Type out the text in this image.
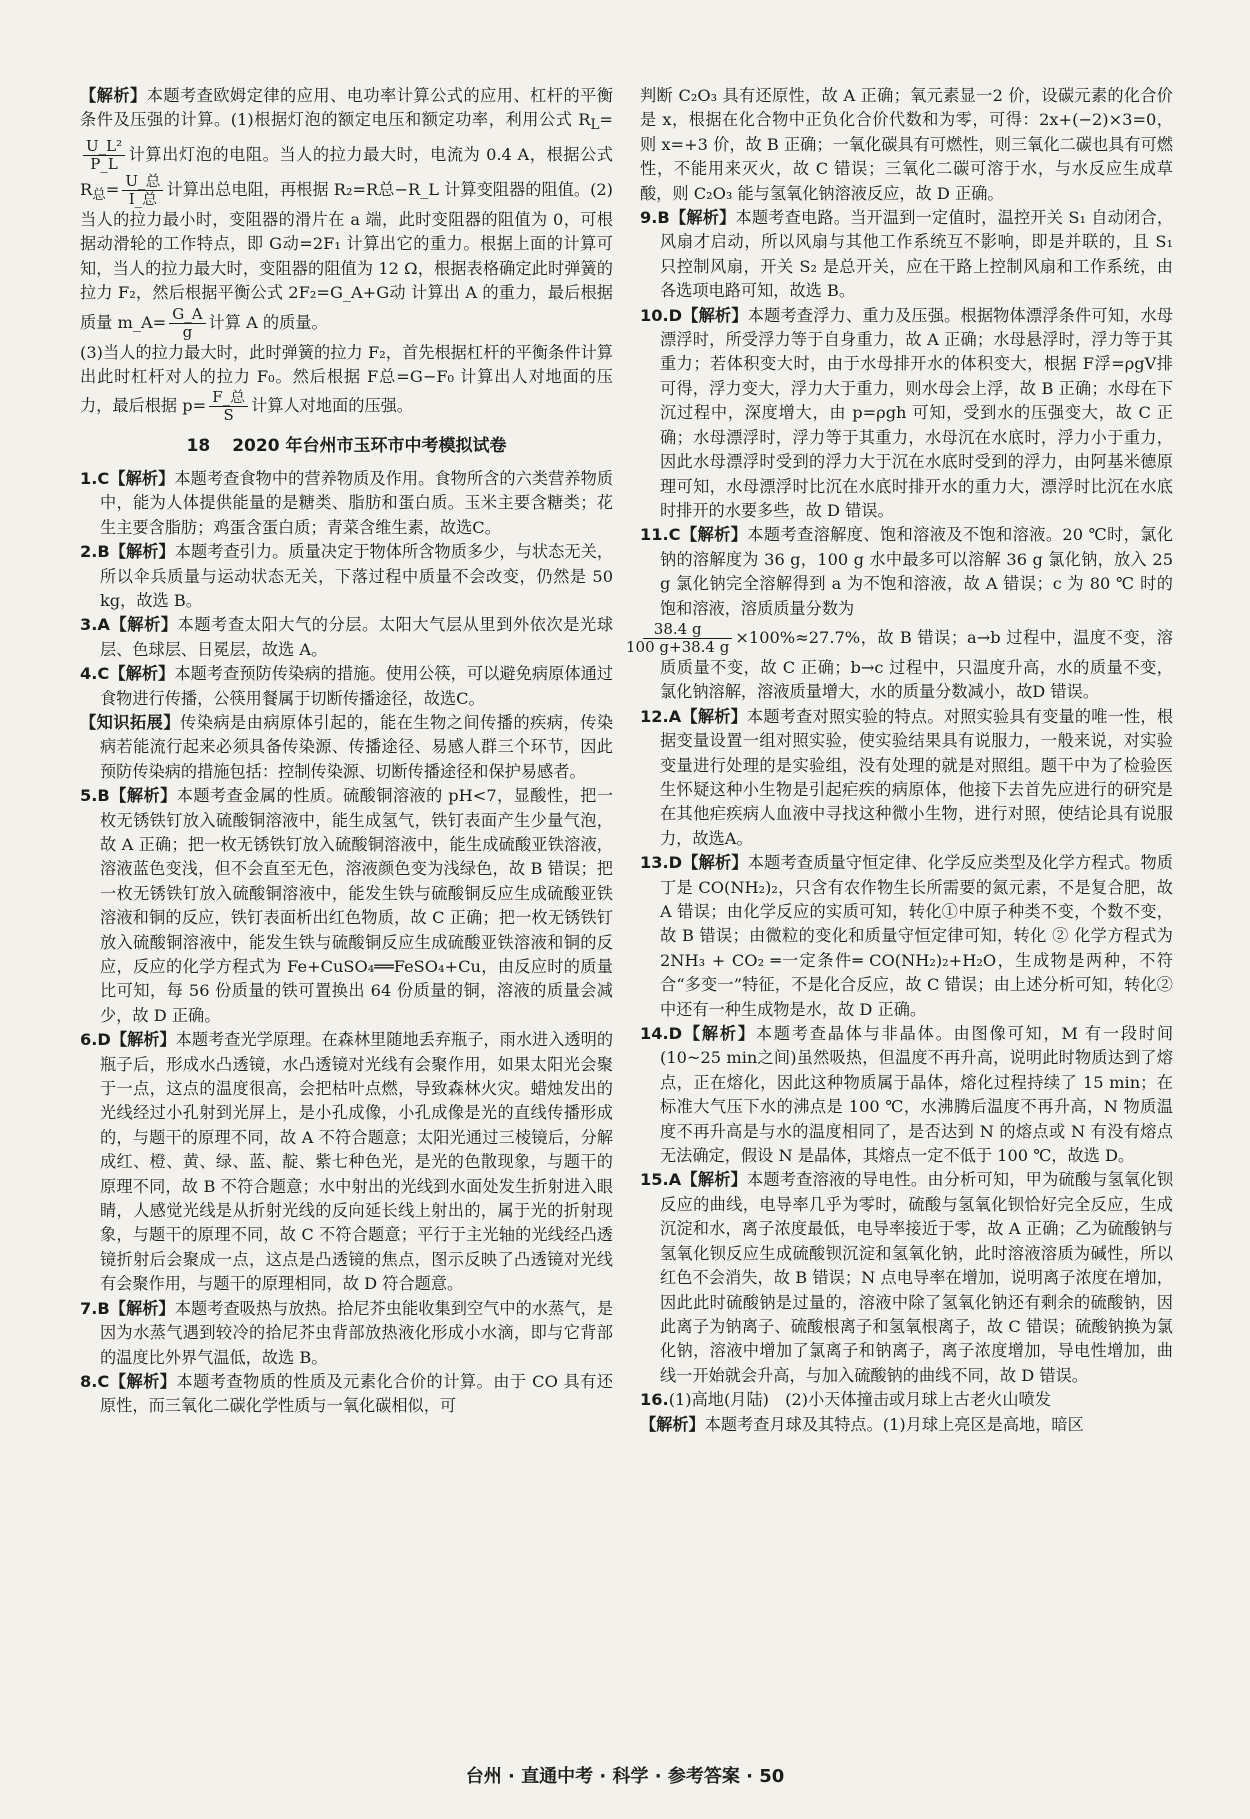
【解析】本题考查欧姆定律的应用、电功率计算公式的应用、杠杆的平衡条件及压强的计算。(1)根据灯泡的额定电压和额定功率，利用公式 $R_L=$
$\frac{\text{U\_L²}}{P\_L}$ 计算出灯泡的电阻。当人的拉力最大时，电流为 0.4 A，根据公式 $R_总= \frac{\text{U\_总}}{\text{I\_总}}$ 计算出总电阻，再根据 R₂=R总−R_L 计算变阻器的阻值。(2)当人的拉力最小时，变阻器的滑片在 a 端，此时变阻器的阻值为 0，可根据动滑轮的工作特点，即 G动=2F₁ 计算出它的重力。根据上面的计算可知，当人的拉力最大时，变阻器的阻值为 12 Ω，根据表格确定此时弹簧的拉力 F₂，然后根据平衡公式 2F₂=G_A+G动 计算出 A 的重力，最后根据质量 m_A= $\frac{G\_A}{g}$ 计算 A 的质量。

(3)当人的拉力最大时，此时弹簧的拉力 F₂，首先根据杠杆的平衡条件计算出此时杠杆对人的拉力 F₀。然后根据 F总=G−F₀ 计算出人对地面的压力，最后根据 $p= \frac{\text{F\_总}}{S}$ 计算人对地面的压强。

18 2020 年台州市玉环市中考模拟试卷

1.C【解析】本题考查食物中的营养物质及作用。食物所含的六类营养物质中，能为人体提供能量的是糖类、脂肪和蛋白质。玉米主要含糖类；花生主要含脂肪；鸡蛋含蛋白质；青菜含维生素，故选C。

2.B【解析】本题考查引力。质量决定于物体所含物质多少，与状态无关，所以伞兵质量与运动状态无关，下落过程中质量不会改变，仍然是 50 kg，故选 B。

3.A【解析】本题考查太阳大气的分层。太阳大气层从里到外依次是光球层、色球层、日冕层，故选 A。

4.C【解析】本题考查预防传染病的措施。使用公筷，可以避免病原体通过食物进行传播，公筷用餐属于切断传播途径，故选C。

【知识拓展】传染病是由病原体引起的，能在生物之间传播的疾病，传染病若能流行起来必须具备传染源、传播途径、易感人群三个环节，因此预防传染病的措施包括：控制传染源、切断传播途径和保护易感者。

5.B【解析】本题考查金属的性质。硫酸铜溶液的 pH<7，显酸性，把一枚无锈铁钉放入硫酸铜溶液中，能生成氢气，铁钉表面产生少量气泡，故 A 正确；把一枚无锈铁钉放入硫酸铜溶液中，能生成硫酸亚铁溶液，溶液蓝色变浅，但不会直至无色，溶液颜色变为浅绿色，故 B 错误；把一枚无锈铁钉放入硫酸铜溶液中，能发生铁与硫酸铜反应生成硫酸亚铁溶液和铜的反应，铁钉表面析出红色物质，故 C 正确；把一枚无锈铁钉放入硫酸铜溶液中，能发生铁与硫酸铜反应生成硫酸亚铁溶液和铜的反应，反应的化学方程式为 Fe+CuSO₄══FeSO₄+Cu，由反应时的质量比可知，每 56 份质量的铁可置换出 64 份质量的铜，溶液的质量会减少，故 D 正确。

6.D【解析】本题考查光学原理。在森林里随地丢弃瓶子，雨水进入透明的瓶子后，形成水凸透镜，水凸透镜对光线有会聚作用，如果太阳光会聚于一点，这点的温度很高，会把枯叶点燃，导致森林火灾。蜡烛发出的光线经过小孔射到光屏上，是小孔成像，小孔成像是光的直线传播形成的，与题干的原理不同，故 A 不符合题意；太阳光通过三棱镜后，分解成红、橙、黄、绿、蓝、靛、紫七种色光，是光的色散现象，与题干的原理不同，故 B 不符合题意；水中射出的光线到水面处发生折射进入眼睛，人感觉光线是从折射光线的反向延长线上射出的，属于光的折射现象，与题干的原理不同，故 C 不符合题意；平行于主光轴的光线经凸透镜折射后会聚成一点，这点是凸透镜的焦点，图示反映了凸透镜对光线有会聚作用，与题干的原理相同，故 D 符合题意。

7.B【解析】本题考查吸热与放热。拾尼芥虫能收集到空气中的水蒸气，是因为水蒸气遇到较冷的拾尼芥虫背部放热液化形成小水滴，即与它背部的温度比外界气温低，故选 B。

8.C【解析】本题考查物质的性质及元素化合价的计算。由于 CO 具有还原性，而三氧化二碳化学性质与一氧化碳相似，可

判断 C₂O₃ 具有还原性，故 A 正确；氧元素显一2 价，设碳元素的化合价是 x，根据在化合物中正负化合价代数和为零，可得：2x+(−2)×3=0，则 x=+3 价，故 B 正确；一氧化碳具有可燃性，则三氧化二碳也具有可燃性，不能用来灭火，故 C 错误；三氧化二碳可溶于水，与水反应生成草酸，则 C₂O₃ 能与氢氧化钠溶液反应，故 D 正确。

9.B【解析】本题考查电路。当开温到一定值时，温控开关 S₁ 自动闭合，风扇才启动，所以风扇与其他工作系统互不影响，即是并联的，且 S₁ 只控制风扇，开关 S₂ 是总开关，应在干路上控制风扇和工作系统，由各选项电路可知，故选 B。

10.D【解析】本题考查浮力、重力及压强。根据物体漂浮条件可知，水母漂浮时，所受浮力等于自身重力，故 A 正确；水母悬浮时，浮力等于其重力；若体积变大时，由于水母排开水的体积变大，根据 F浮=ρgV排 可得，浮力变大，浮力大于重力，则水母会上浮，故 B 正确；水母在下沉过程中，深度增大，由 p=ρgh 可知，受到水的压强变大，故 C 正确；水母漂浮时，浮力等于其重力，水母沉在水底时，浮力小于重力，因此水母漂浮时受到的浮力大于沉在水底时受到的浮力，由阿基米德原理可知，水母漂浮时比沉在水底时排开水的重力大，漂浮时比沉在水底时排开的水要多些，故 D 错误。

11.C【解析】本题考查溶解度、饱和溶液及不饱和溶液。20 ℃时，氯化钠的溶解度为 36 g，100 g 水中最多可以溶解 36 g 氯化钠，放入 25 g 氯化钠完全溶解得到 a 为不饱和溶液，故 A 错误；c 为 80 ℃ 时的饱和溶液，溶质质量分数为

$\frac{38.4 g}{100 g+38.4 g} \times 100\%\approx 27.7\%$，故 B 错误；a→b 过程中，温度不变，溶质质量不变，故 C 正确；b→c 过程中，只温度升高，水的质量不变，氯化钠溶解，溶液质量增大，水的质量分数减小，故D 错误。

12.A【解析】本题考查对照实验的特点。对照实验具有变量的唯一性，根据变量设置一组对照实验，使实验结果具有说服力，一般来说，对实验变量进行处理的是实验组，没有处理的就是对照组。题干中为了检验医生怀疑这种小生物是引起疟疾的病原体，他接下去首先应进行的研究是在其他疟疾病人血液中寻找这种微小生物，进行对照，使结论具有说服力，故选A。

13.D【解析】本题考查质量守恒定律、化学反应类型及化学方程式。物质丁是 CO(NH₂)₂，只含有农作物生长所需要的氮元素，不是复合肥，故 A 错误；由化学反应的实质可知，转化①中原子种类不变，个数不变，故 B 错误；由微粒的变化和质量守恒定律可知，转化 ② 化学方程式为 2NH₃ + CO₂ ═一定条件═ CO(NH₂)₂+H₂O，生成物是两种，不符合“多变一”特征，不是化合反应，故 C 错误；由上述分析可知，转化②中还有一种生成物是水，故 D 正确。

14.D【解析】本题考查晶体与非晶体。由图像可知，M 有一段时间(10~25 min之间)虽然吸热，但温度不再升高，说明此时物质达到了熔点，正在熔化，因此这种物质属于晶体，熔化过程持续了 15 min；在标准大气压下水的沸点是 100 ℃，水沸腾后温度不再升高，N 物质温度不再升高是与水的温度相同了，是否达到 N 的熔点或 N 有没有熔点无法确定，假设 N 是晶体，其熔点一定不低于 100 ℃，故选 D。

15.A【解析】本题考查溶液的导电性。由分析可知，甲为硫酸与氢氧化钡反应的曲线，电导率几乎为零时，硫酸与氢氧化钡恰好完全反应，生成沉淀和水，离子浓度最低，电导率接近于零，故 A 正确；乙为硫酸钠与氢氧化钡反应生成硫酸钡沉淀和氢氧化钠，此时溶液溶质为碱性，所以红色不会消失，故 B 错误；N 点电导率在增加，说明离子浓度在增加，因此此时硫酸钠是过量的，溶液中除了氢氧化钠还有剩余的硫酸钠，因此离子为钠离子、硫酸根离子和氢氧根离子，故 C 错误；硫酸钠换为氯化钠，溶液中增加了氯离子和钠离子，离子浓度增加，导电性增加，曲线一开始就会升高，与加入硫酸钠的曲线不同，故 D 错误。

16.(1)高地(月陆)　(2)小天体撞击或月球上古老火山喷发

【解析】本题考查月球及其特点。(1)月球上亮区是高地，暗区

台州 · 直通中考 · 科学 · 参考答案 · 50
